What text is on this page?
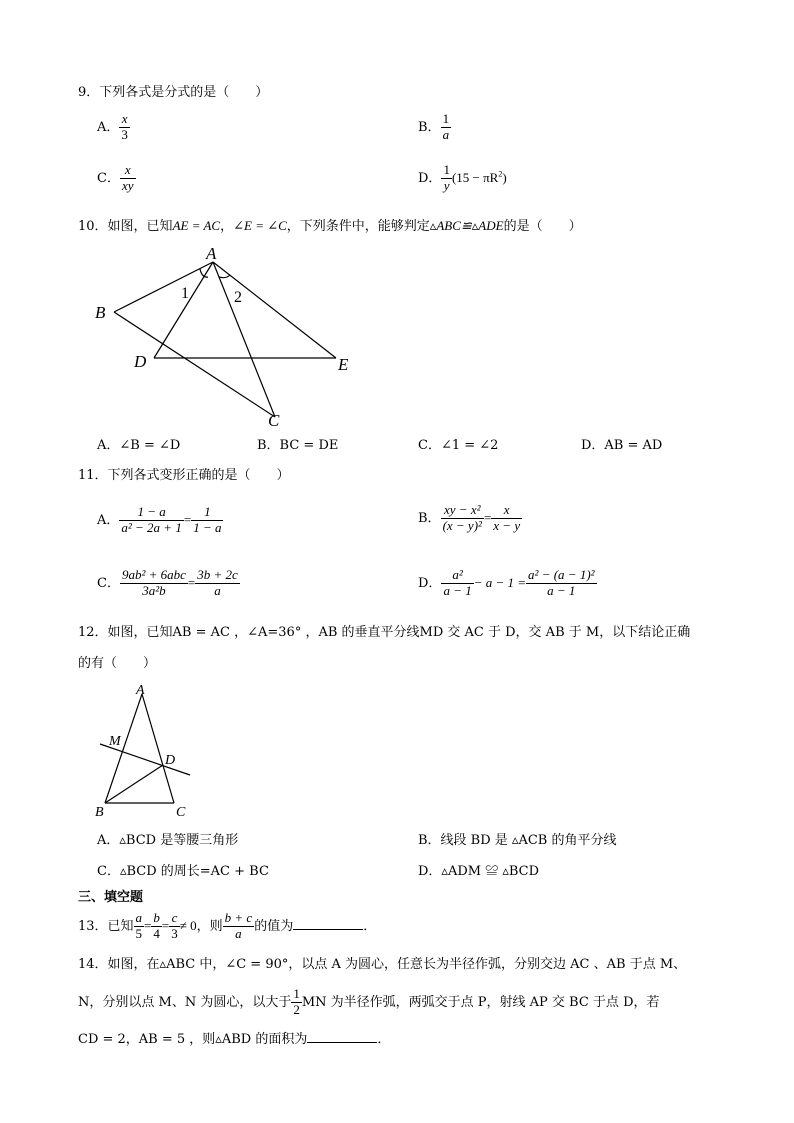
9．下列各式是分式的是（　　）
A． $\frac{x}{3}$	B． $\frac{1}{a}$
C． $\frac{x}{xy}$	D． $\frac{1}{y} (15 - \pi R^2)$
10．如图，已知AE = AC，∠E = ∠C，下列条件中，能够判定▵ABC≌▵ADE的是（　　）
A
B
D	E
C
1	2
A．∠B = ∠D	B．BC = DE	C．∠1 = ∠2	D．AB = AD
11．下列各式变形正确的是（　　）
A． $\frac{1 - a}{\text{a² − 2a + 1}} = \frac{1}{1 - a}$	B． $\frac{\text{xy − x²}}{\text{(x − y)²}} = \frac{x}{x - y}$
C． $\frac{\text{9ab² + 6abc}}{\text{3a²b}} = \frac{3b + 2c}{a}$	D． $\frac{\text{a²}}{a - 1} - a - 1 = \frac{\text{a² − (a − 1)²}}{a - 1}$
12．如图，已知AB = AC ，∠A=36° ，AB 的垂直平分线MD 交 AC 于 D，交 AB 于 M，以下结论正确
的有（　　）
A
M
D
B	C
A．▵BCD 是等腰三角形	B．线段 BD 是 ▵ACB 的角平分线
C．▵BCD 的周长=AC + BC	D．▵ADM ≌ ▵BCD
三、填空题
13．已知 $\frac{a}{5} = \frac{b}{4} = \frac{c}{3} \ne 0$，则 $\frac{b + c}{a}$ 的值为	．
14．如图，在▵ABC 中，∠C = 90°，以点 A 为圆心，任意长为半径作弧，分别交边 AC 、AB 于点 M、
N，分别以点 M、N 为圆心，以大于 $\frac{1}{2}$ MN 为半径作弧，两弧交于点 P，射线 AP 交 BC 于点 D，若
CD = 2，AB = 5 ，则▵ABD 的面积为	．
